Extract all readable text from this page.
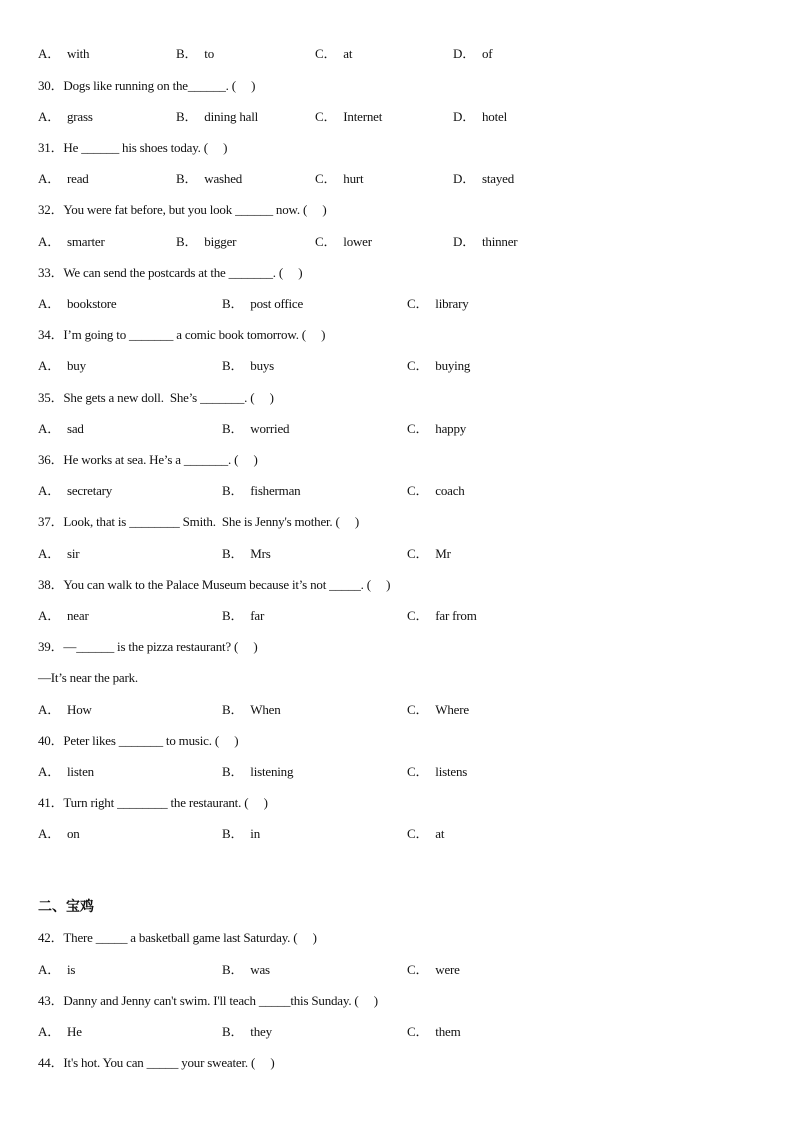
A． with	B． to	C． at	D． of
30．Dogs like running on the______. (     )
A． grass	B． dining hall	C． Internet	D． hotel
31．He ______ his shoes today. (     )
A． read	B． washed	C． hurt	D． stayed
32．You were fat before, but you look ______ now. (     )
A． smarter	B． bigger	C． lower	D． thinner
33．We can send the postcards at the _______. (     )
A． bookstore	B． post office	C． library
34．I’m going to _______ a comic book tomorrow. (     )
A． buy	B． buys	C． buying
35．She gets a new doll.  She’s _______. (     )
A． sad	B． worried	C． happy
36．He works at sea. He’s a _______. (     )
A． secretary	B． fisherman	C． coach
37．Look, that is ________ Smith.  She is Jenny's mother. (     )
A． sir	B． Mrs	C． Mr
38．You can walk to the Palace Museum because it’s not _____. (     )
A． near	B． far	C． far from
39．—______ is the pizza restaurant? (     )
—It’s near the park.
A． How	B． When	C． Where
40．Peter likes _______ to music. (     )
A． listen	B． listening	C． listens
41．Turn right ________ the restaurant. (     )
A． on	B． in	C． at
二、宝鸡
42．There _____ a basketball game last Saturday. (     )
A． is	B． was	C． were
43．Danny and Jenny can't swim. I'll teach _____this Sunday. (     )
A． He	B． they	C． them
44．It's hot. You can _____ your sweater. (     )
